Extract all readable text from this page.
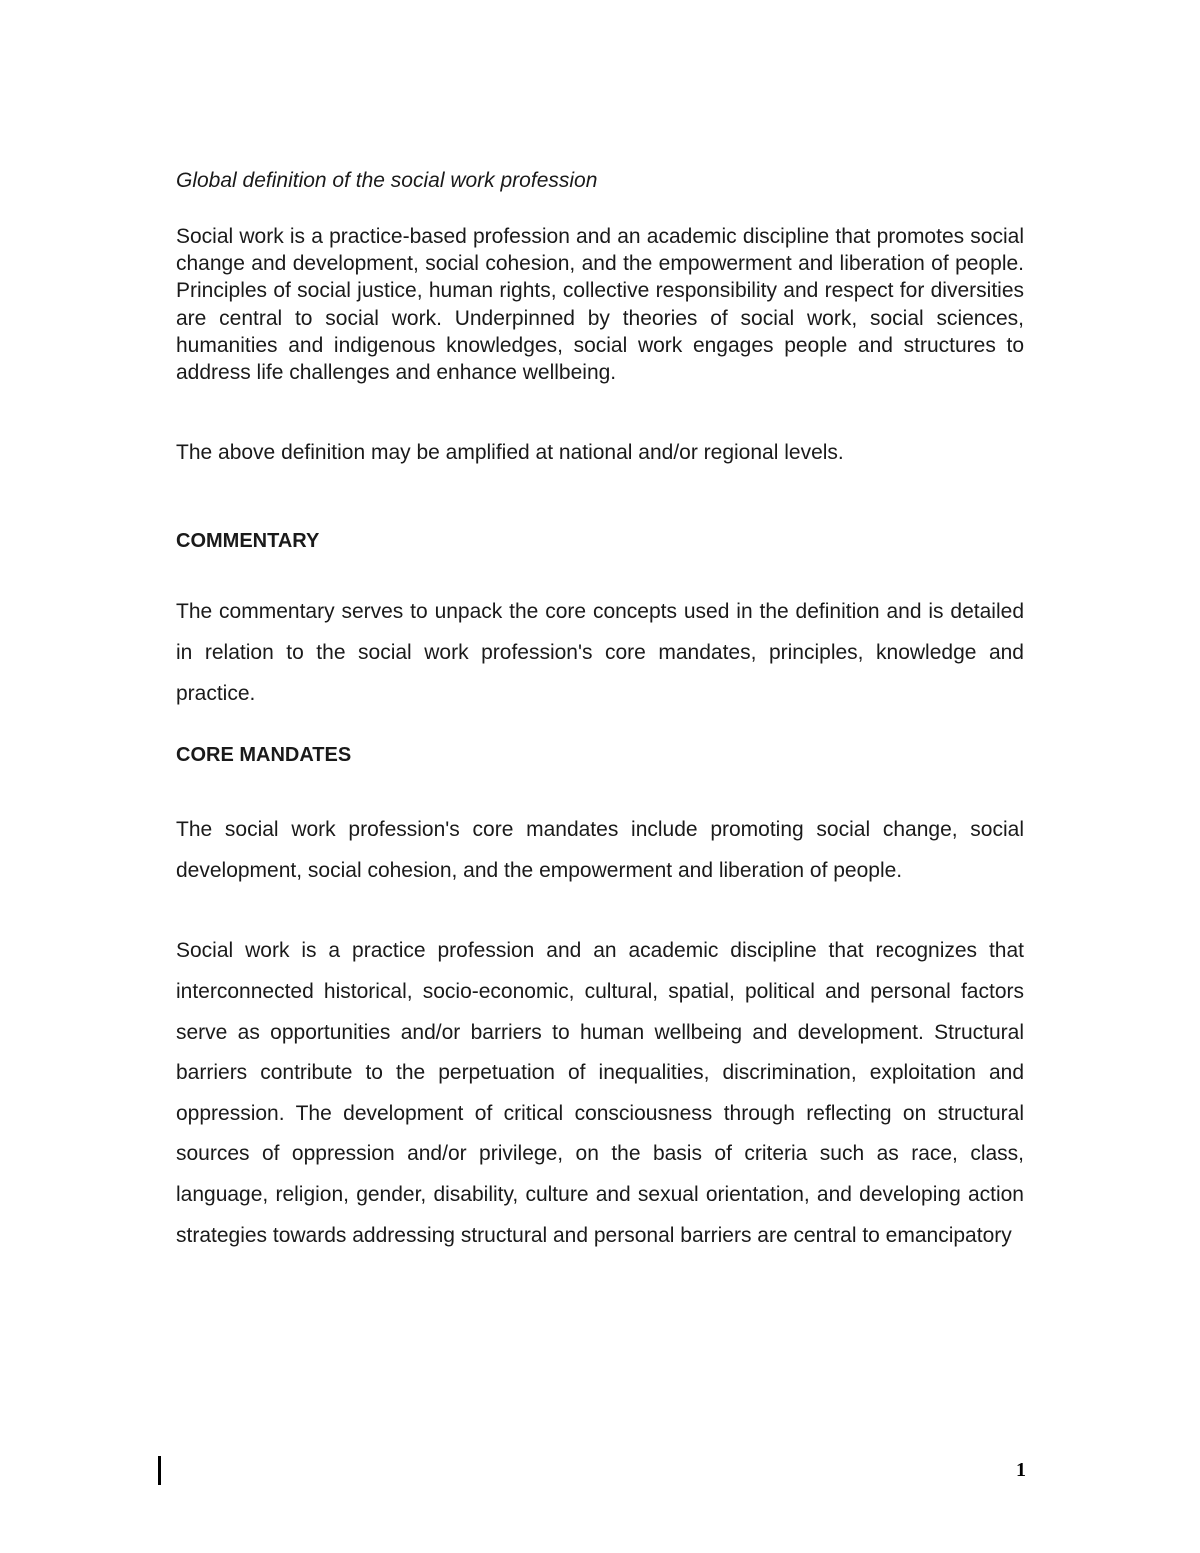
Global definition of the social work profession

Social work is a practice-based profession and an academic discipline that promotes social change and development, social cohesion, and the empowerment and liberation of people. Principles of social justice, human rights, collective responsibility and respect for diversities are central to social work. Underpinned by theories of social work, social sciences, humanities and indigenous knowledges, social work engages people and structures to address life challenges and enhance wellbeing.

The above definition may be amplified at national and/or regional levels.

COMMENTARY

The commentary serves to unpack the core concepts used in the definition and is detailed in relation to the social work profession's core mandates, principles, knowledge and practice.

CORE MANDATES

The social work profession's core mandates include promoting social change, social development, social cohesion, and the empowerment and liberation of people.

Social work is a practice profession and an academic discipline that recognizes that interconnected historical, socio-economic, cultural, spatial, political and personal factors serve as opportunities and/or barriers to human wellbeing and development. Structural barriers contribute to the perpetuation of inequalities, discrimination, exploitation and oppression. The development of critical consciousness through reflecting on structural sources of oppression and/or privilege, on the basis of criteria such as race, class, language, religion, gender, disability, culture and sexual orientation, and developing action strategies towards addressing structural and personal barriers are central to emancipatory

1
